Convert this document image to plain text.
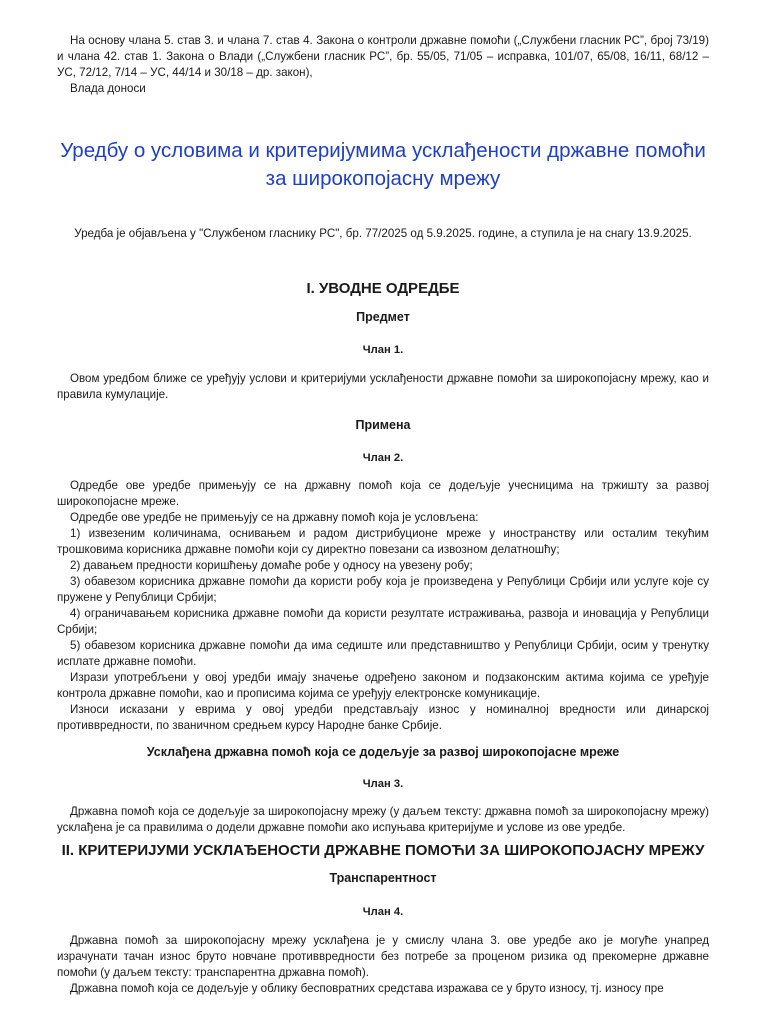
На основу члана 5. став 3. и члана 7. став 4. Закона о контроли државне помоћи („Службени гласник РС”, број 73/19) и члана 42. став 1. Закона о Влади („Службени гласник РС”, бр. 55/05, 71/05 – исправка, 101/07, 65/08, 16/11, 68/12 – УС, 72/12, 7/14 – УС, 44/14 и 30/18 – др. закон),

Влада доноси

Уредбу о условима и критеријумима усклађености државне помоћи за широкопојасну мрежу

Уредба је објављена у "Службеном гласнику РС", бр. 77/2025 од 5.9.2025. године, а ступила је на снагу 13.9.2025.

I. УВОДНЕ ОДРЕДБЕ
Предмет
Члан 1.

Овом уредбом ближе се уређују услови и критеријуми усклађености државне помоћи за широкопојасну мрежу, као и правила кумулације.

Примена
Члан 2.

Одредбе ове уредбе примењују се на државну помоћ која се додељује учесницима на тржишту за развој широкопојасне мреже.

Одредбе ове уредбе не примењују се на државну помоћ која је условљена:

1) извезеним количинама, оснивањем и радом дистрибуционе мреже у иностранству или осталим текућим трошковима корисника државне помоћи који су директно повезани са извозном делатношћу;

2) давањем предности коришћењу домаће робе у односу на увезену робу;

3) обавезом корисника државне помоћи да користи робу која је произведена у Републици Србији или услуге које су пружене у Републици Србији;

4) ограничавањем корисника државне помоћи да користи резултате истраживања, развоја и иновација у Републици Србији;

5) обавезом корисника државне помоћи да има седиште или представништво у Републици Србији, осим у тренутку исплате државне помоћи.

Изрази употребљени у овој уредби имају значење одређено законом и подзаконским актима којима се уређује контрола државне помоћи, као и прописима којима се уређују електронске комуникације.

Износи исказани у еврима у овој уредби представљају износ у номиналној вредности или динарској противвредности, по званичном средњем курсу Народне банке Србије.

Усклађена државна помоћ која се додељује за развој широкопојасне мреже
Члан 3.

Државна помоћ која се додељује за широкопојасну мрежу (у даљем тексту: државна помоћ за широкопојасну мрежу) усклађена је са правилима о додели државне помоћи ако испуњава критеријуме и услове из ове уредбе.

II. КРИТЕРИЈУМИ УСКЛАЂЕНОСТИ ДРЖАВНЕ ПОМОЋИ ЗА ШИРОКОПОЈАСНУ МРЕЖУ
Транспарентност
Члан 4.

Државна помоћ за широкопојасну мрежу усклађена је у смислу члана 3. ове уредбе ако је могуће унапред израчунати тачан износ бруто новчане противвредности без потребе за проценом ризика од прекомерне државне помоћи (у даљем тексту: транспарентна државна помоћ).

Државна помоћ која се додељује у облику бесповратних средстава изражава се у бруто износу, тј. износу пре
